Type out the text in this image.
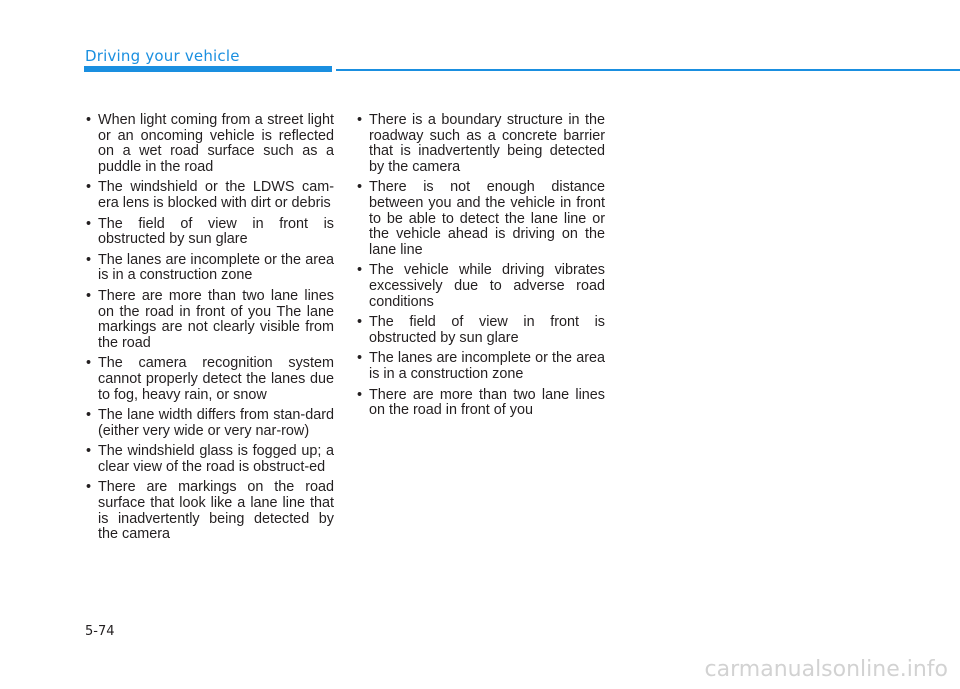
Driving your vehicle
• When light coming from a street light or an oncoming vehicle is reflected on a wet road surface such as a puddle in the road
• The windshield or the LDWS cam-era lens is blocked with dirt or debris
• The field of view in front is obstructed by sun glare
• The lanes are incomplete or the area is in a construction zone
• There are more than two lane lines on the road in front of you The lane markings are not clearly visible from the road
• The camera recognition system cannot properly detect the lanes due to fog, heavy rain, or snow
• The lane width differs from stan-dard (either very wide or very nar-row)
• The windshield glass is fogged up; a clear view of the road is obstruct-ed
• There are markings on the road surface that look like a lane line that is inadvertently being detected by the camera
• There is a boundary structure in the roadway such as a concrete barrier that is inadvertently being detected by the camera
• There is not enough distance between you and the vehicle in front to be able to detect the lane line or the vehicle ahead is driving on the lane line
• The vehicle while driving vibrates excessively due to adverse road conditions
• The field of view in front is obstructed by sun glare
• The lanes are incomplete or the area is in a construction zone
• There are more than two lane lines on the road in front of you
5-74
carmanualsonline.info
